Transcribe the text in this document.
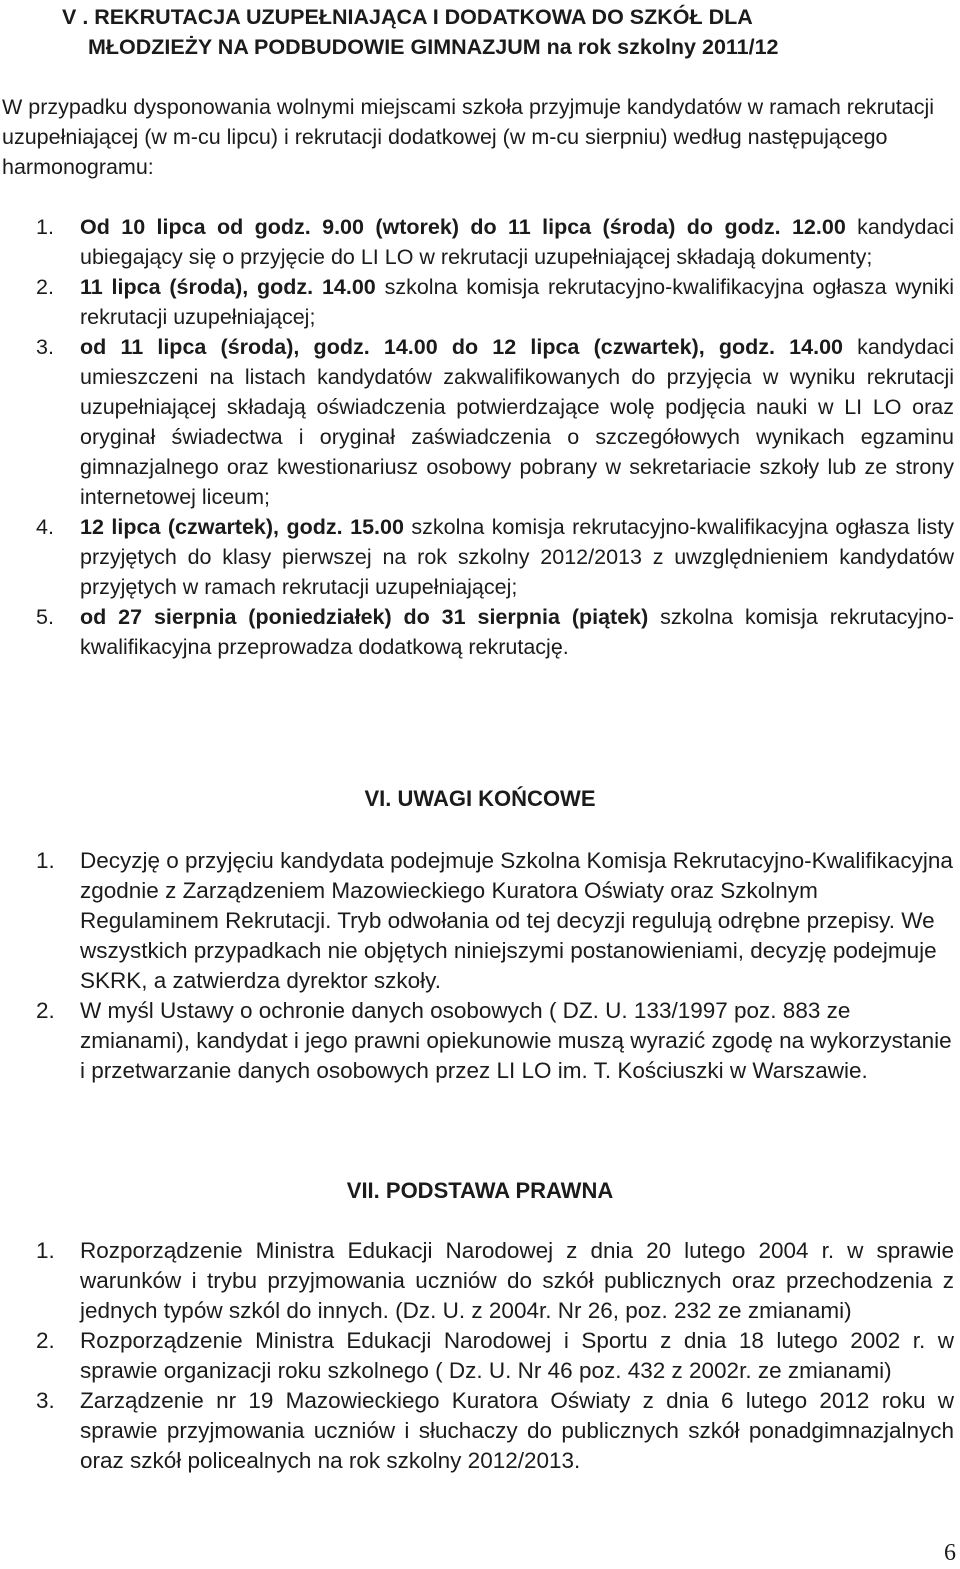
V . REKRUTACJA UZUPEŁNIAJĄCA I DODATKOWA DO SZKÓŁ DLA
MŁODZIEŻY NA PODBUDOWIE GIMNAZJUM na rok szkolny 2011/12
W przypadku dysponowania wolnymi miejscami szkoła przyjmuje kandydatów w ramach rekrutacji uzupełniającej (w m-cu lipcu) i rekrutacji dodatkowej (w m-cu sierpniu) według następującego harmonogramu:
1. Od 10 lipca od godz. 9.00 (wtorek) do 11 lipca (środa) do godz. 12.00 kandydaci ubiegający się o przyjęcie do LI LO w rekrutacji uzupełniającej składają dokumenty;
2. 11 lipca (środa), godz. 14.00 szkolna komisja rekrutacyjno-kwalifikacyjna ogłasza wyniki rekrutacji uzupełniającej;
3. od 11 lipca (środa), godz. 14.00 do 12 lipca (czwartek), godz. 14.00 kandydaci umieszczeni na listach kandydatów zakwalifikowanych do przyjęcia w wyniku rekrutacji uzupełniającej składają oświadczenia potwierdzające wolę podjęcia nauki w LI LO oraz oryginał świadectwa i oryginał zaświadczenia o szczegółowych wynikach egzaminu gimnazjalnego oraz kwestionariusz osobowy pobrany w sekretariacie szkoły lub ze strony internetowej liceum;
4. 12 lipca (czwartek), godz. 15.00 szkolna komisja rekrutacyjno-kwalifikacyjna ogłasza listy przyjętych do klasy pierwszej na rok szkolny 2012/2013 z uwzględnieniem kandydatów przyjętych w ramach rekrutacji uzupełniającej;
5. od 27 sierpnia (poniedziałek) do 31 sierpnia (piątek) szkolna komisja rekrutacyjno-kwalifikacyjna przeprowadza dodatkową rekrutację.
VI. UWAGI KOŃCOWE
1. Decyzję o przyjęciu kandydata podejmuje Szkolna Komisja Rekrutacyjno-Kwalifikacyjna zgodnie z Zarządzeniem Mazowieckiego Kuratora Oświaty oraz Szkolnym Regulaminem Rekrutacji. Tryb odwołania od tej decyzji regulują odrębne przepisy. We wszystkich przypadkach nie objętych niniejszymi postanowieniami, decyzję podejmuje SKRK, a zatwierdza dyrektor szkoły.
2. W myśl Ustawy o ochronie danych osobowych ( DZ. U. 133/1997 poz. 883 ze zmianami), kandydat i jego prawni opiekunowie muszą wyrazić zgodę na wykorzystanie i przetwarzanie danych osobowych przez LI LO im. T. Kościuszki w Warszawie.
VII. PODSTAWA PRAWNA
1. Rozporządzenie Ministra Edukacji Narodowej z dnia 20 lutego 2004 r. w sprawie warunków i trybu przyjmowania uczniów do szkół publicznych oraz przechodzenia z jednych typów szkól do innych. (Dz. U. z 2004r. Nr 26, poz. 232 ze zmianami)
2. Rozporządzenie Ministra Edukacji Narodowej i Sportu z dnia 18 lutego 2002 r. w sprawie organizacji roku szkolnego ( Dz. U. Nr 46 poz. 432 z 2002r. ze zmianami)
3. Zarządzenie nr 19 Mazowieckiego Kuratora Oświaty z dnia 6 lutego 2012 roku w sprawie przyjmowania uczniów i słuchaczy do publicznych szkół ponadgimnazjalnych oraz szkół policealnych na rok szkolny 2012/2013.
6
